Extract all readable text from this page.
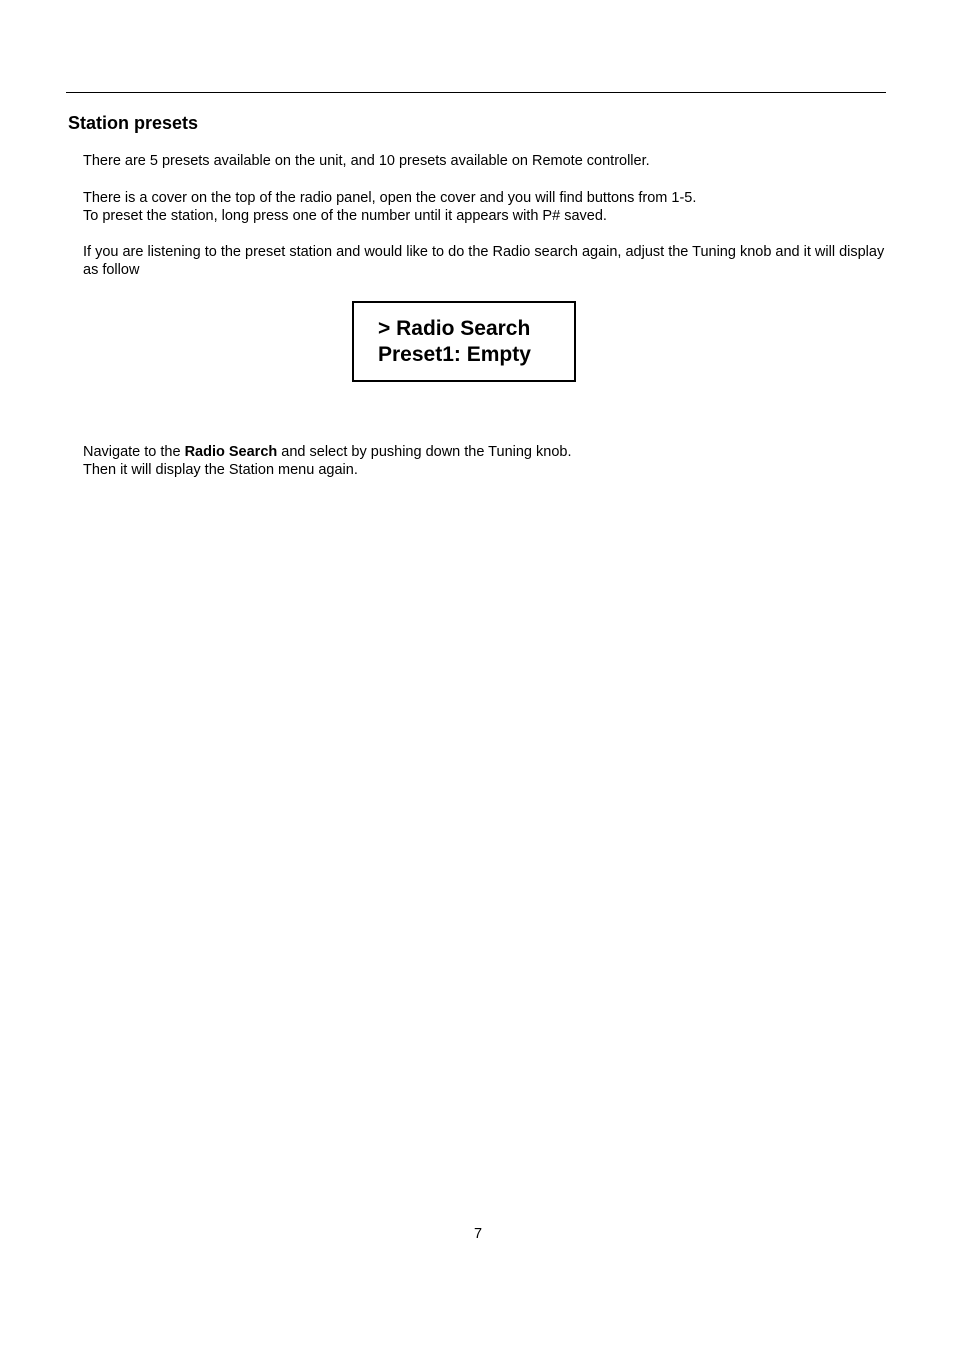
Station presets

There are 5 presets available on the unit, and 10 presets available on Remote controller.

There is a cover on the top of the radio panel, open the cover and you will find buttons from 1-5.
To preset the station, long press one of the number until it appears with P# saved.

If you are listening to the preset station and would like to do the Radio search again, adjust the Tuning knob and it will display as follow

> Radio Search
Preset1: Empty

Navigate to the Radio Search and select by pushing down the Tuning knob.
Then it will display the Station menu again.

7
